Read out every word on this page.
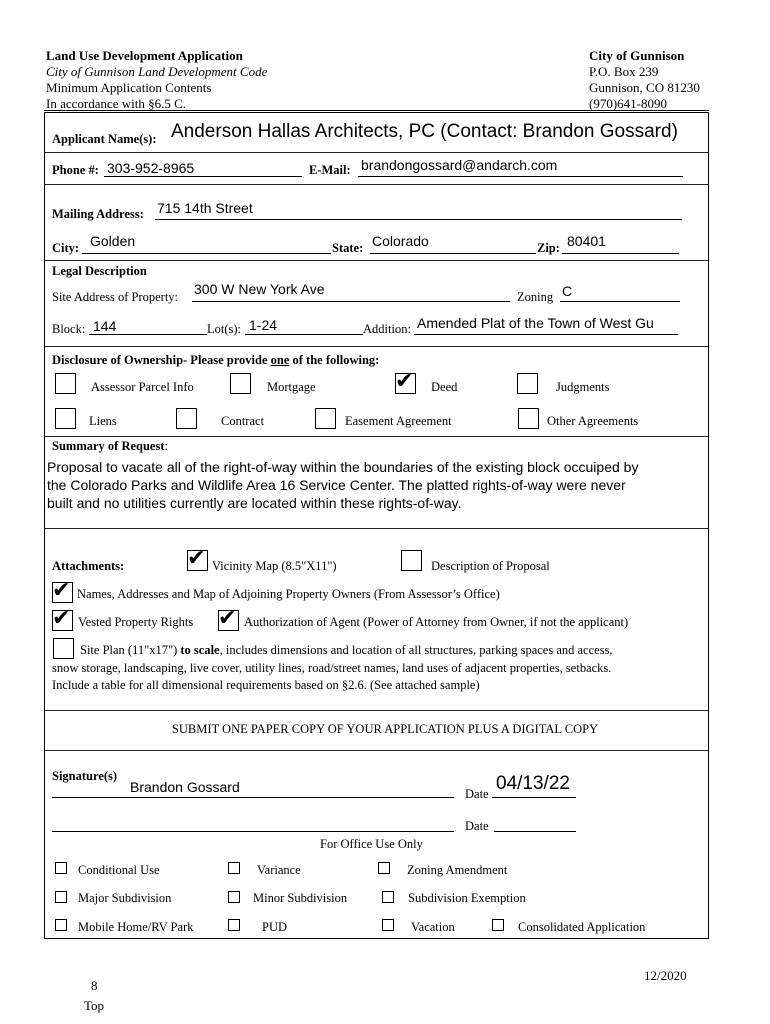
Land Use Development Application
City of Gunnison Land Development Code
Minimum Application Contents
In accordance with §6.5 C.
City of Gunnison
P.O. Box 239
Gunnison, CO 81230
(970)641-8090
Applicant Name(s): Anderson Hallas Architects, PC (Contact: Brandon Gossard)
Phone #: 303-952-8965	E-Mail: brandongossard@andarch.com
Mailing Address: 715 14th Street
City: Golden	State: Colorado	Zip: 80401
Legal Description
Site Address of Property: 300 W New York Ave	Zoning C
Block: 144	Lot(s): 1-24	Addition: Amended Plat of the Town of West Gu
Disclosure of Ownership- Please provide one of the following:
Assessor Parcel Info	Mortgage	✔ Deed	Judgments
Liens	Contract	Easement Agreement	Other Agreements
Summary of Request:
Proposal to vacate all of the right-of-way within the boundaries of the existing block occuiped by
the Colorado Parks and Wildlife Area 16 Service Center. The platted rights-of-way were never
built and no utilities currently are located within these rights-of-way.
Attachments:	✔ Vicinity Map (8.5"X11")	Description of Proposal
✔ Names, Addresses and Map of Adjoining Property Owners (From Assessor’s Office)
✔ Vested Property Rights ✔ Authorization of Agent (Power of Attorney from Owner, if not the applicant)
Site Plan (11"x17") to scale, includes dimensions and location of all structures, parking spaces and access,
snow storage, landscaping, live cover, utility lines, road/street names, land uses of adjacent properties, setbacks.
Include a table for all dimensional requirements based on §2.6. (See attached sample)
SUBMIT ONE PAPER COPY OF YOUR APPLICATION PLUS A DIGITAL COPY
Signature(s)
Brandon Gossard	Date 04/13/22
Date
For Office Use Only
Conditional Use	Variance	Zoning Amendment
Major Subdivision	Minor Subdivision	Subdivision Exemption
Mobile Home/RV Park	PUD	Vacation	Consolidated Application
12/2020
8
Top
